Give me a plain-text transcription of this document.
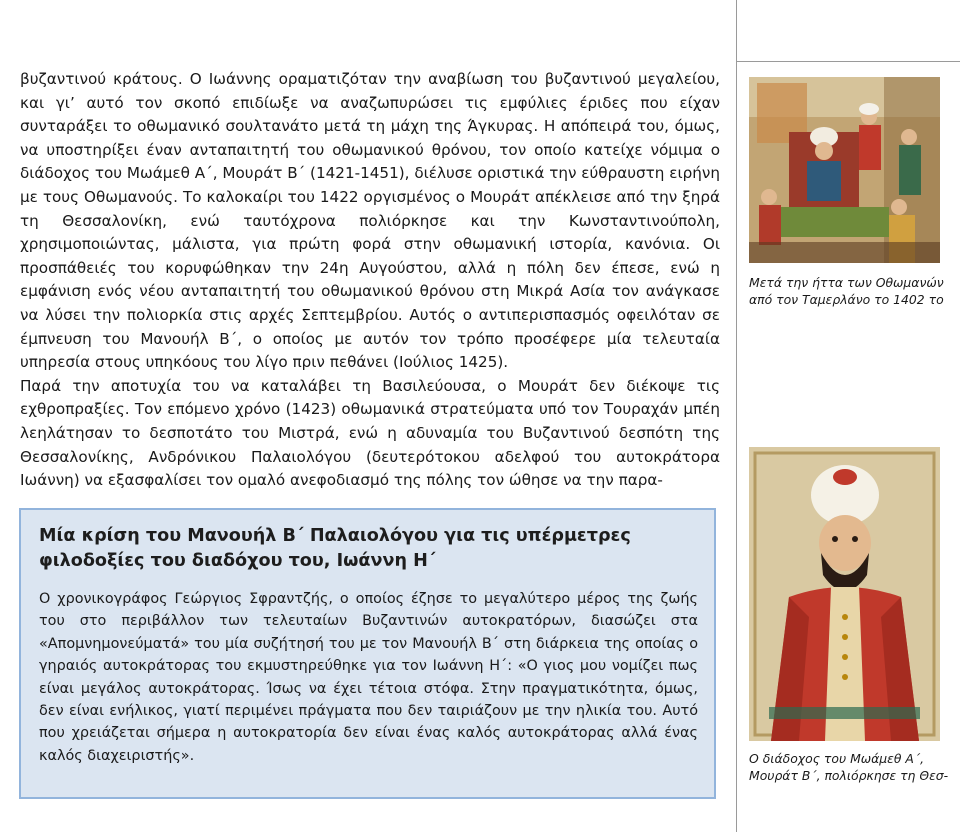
βυζαντινού κράτους. Ο Ιωάννης οραματιζόταν την αναβίωση του βυζαντινού μεγαλείου, και γι’ αυτό τον σκοπό επιδίωξε να αναζωπυρώσει τις εμφύλιες έριδες που είχαν συνταράξει το οθωμανικό σουλτανάτο μετά τη μάχη της Άγκυρας. Η απόπειρά του, όμως, να υποστηρίξει έναν ανταπαιτητή του οθωμανικού θρόνου, τον οποίο κατείχε νόμιμα ο διάδοχος του Μωάμεθ Α΄, Μουράτ Β΄ (1421-1451), διέλυσε οριστικά την εύθραυστη ειρήνη με τους Οθωμανούς. Το καλοκαίρι του 1422 οργισμένος ο Μουράτ απέκλεισε από την ξηρά τη Θεσσαλονίκη, ενώ ταυτόχρονα πολιόρκησε και την Κωνσταντινούπολη, χρησιμοποιώντας, μάλιστα, για πρώτη φορά στην οθωμανική ιστορία, κανόνια. Οι προσπάθειές του κορυφώθηκαν την 24η Αυγούστου, αλλά η πόλη δεν έπεσε, ενώ η εμφάνιση ενός νέου ανταπαιτητή του οθωμανικού θρόνου στη Μικρά Ασία τον ανάγκασε να λύσει την πολιορκία στις αρχές Σεπτεμβρίου. Αυτός ο αντιπερισπασμός οφειλόταν σε έμπνευση του Μανουήλ Β΄, ο οποίος με αυτόν τον τρόπο προσέφερε μία τελευταία υπηρεσία στους υπηκόους του λίγο πριν πεθάνει (Ιούλιος 1425).

Παρά την αποτυχία του να καταλάβει τη Βασιλεύουσα, ο Μουράτ δεν διέκοψε τις εχθροπραξίες. Τον επόμενο χρόνο (1423) οθωμανικά στρατεύματα υπό τον Τουραχάν μπέη λεηλάτησαν το δεσποτάτο του Μιστρά, ενώ η αδυναμία του Βυζαντινού δεσπότη της Θεσσαλονίκης, Ανδρόνικου Παλαιολόγου (δευτερότοκου αδελφού του αυτοκράτορα Ιωάννη) να εξασφαλίσει τον ομαλό ανεφοδιασμό της πόλης τον ώθησε να την παρα-

Μία κρίση του Μανουήλ Β΄ Παλαιολόγου για τις υπέρμετρες φιλοδοξίες του διαδόχου του, Ιωάννη Η΄

Ο χρονικογράφος Γεώργιος Σφραντζής, ο οποίος έζησε το μεγαλύτερο μέρος της ζωής του στο περιβάλλον των τελευταίων Βυζαντινών αυτοκρατόρων, διασώζει στα «Απομνημονεύματά» του μία συζήτησή του με τον Μανουήλ Β΄ στη διάρκεια της οποίας ο γηραιός αυτοκράτορας του εκμυστηρεύθηκε για τον Ιωάννη Η΄: «Ο γιος μου νομίζει πως είναι μεγάλος αυτοκράτορας. Ίσως να έχει τέτοια στόφα. Στην πραγματικότητα, όμως, δεν είναι ενήλικος, γιατί περιμένει πράγματα που δεν ταιριάζουν με την ηλικία του. Αυτό που χρειάζεται σήμερα η αυτοκρατορία δεν είναι ένας καλός αυτοκράτορας αλλά ένας καλός διαχειριστής».

Μετά την ήττα των Οθωμανών από τον Ταμερλάνο το 1402 το
Ο διάδοχος του Μωάμεθ Α΄, Μουράτ Β΄, πολιόρκησε τη Θεσ-
